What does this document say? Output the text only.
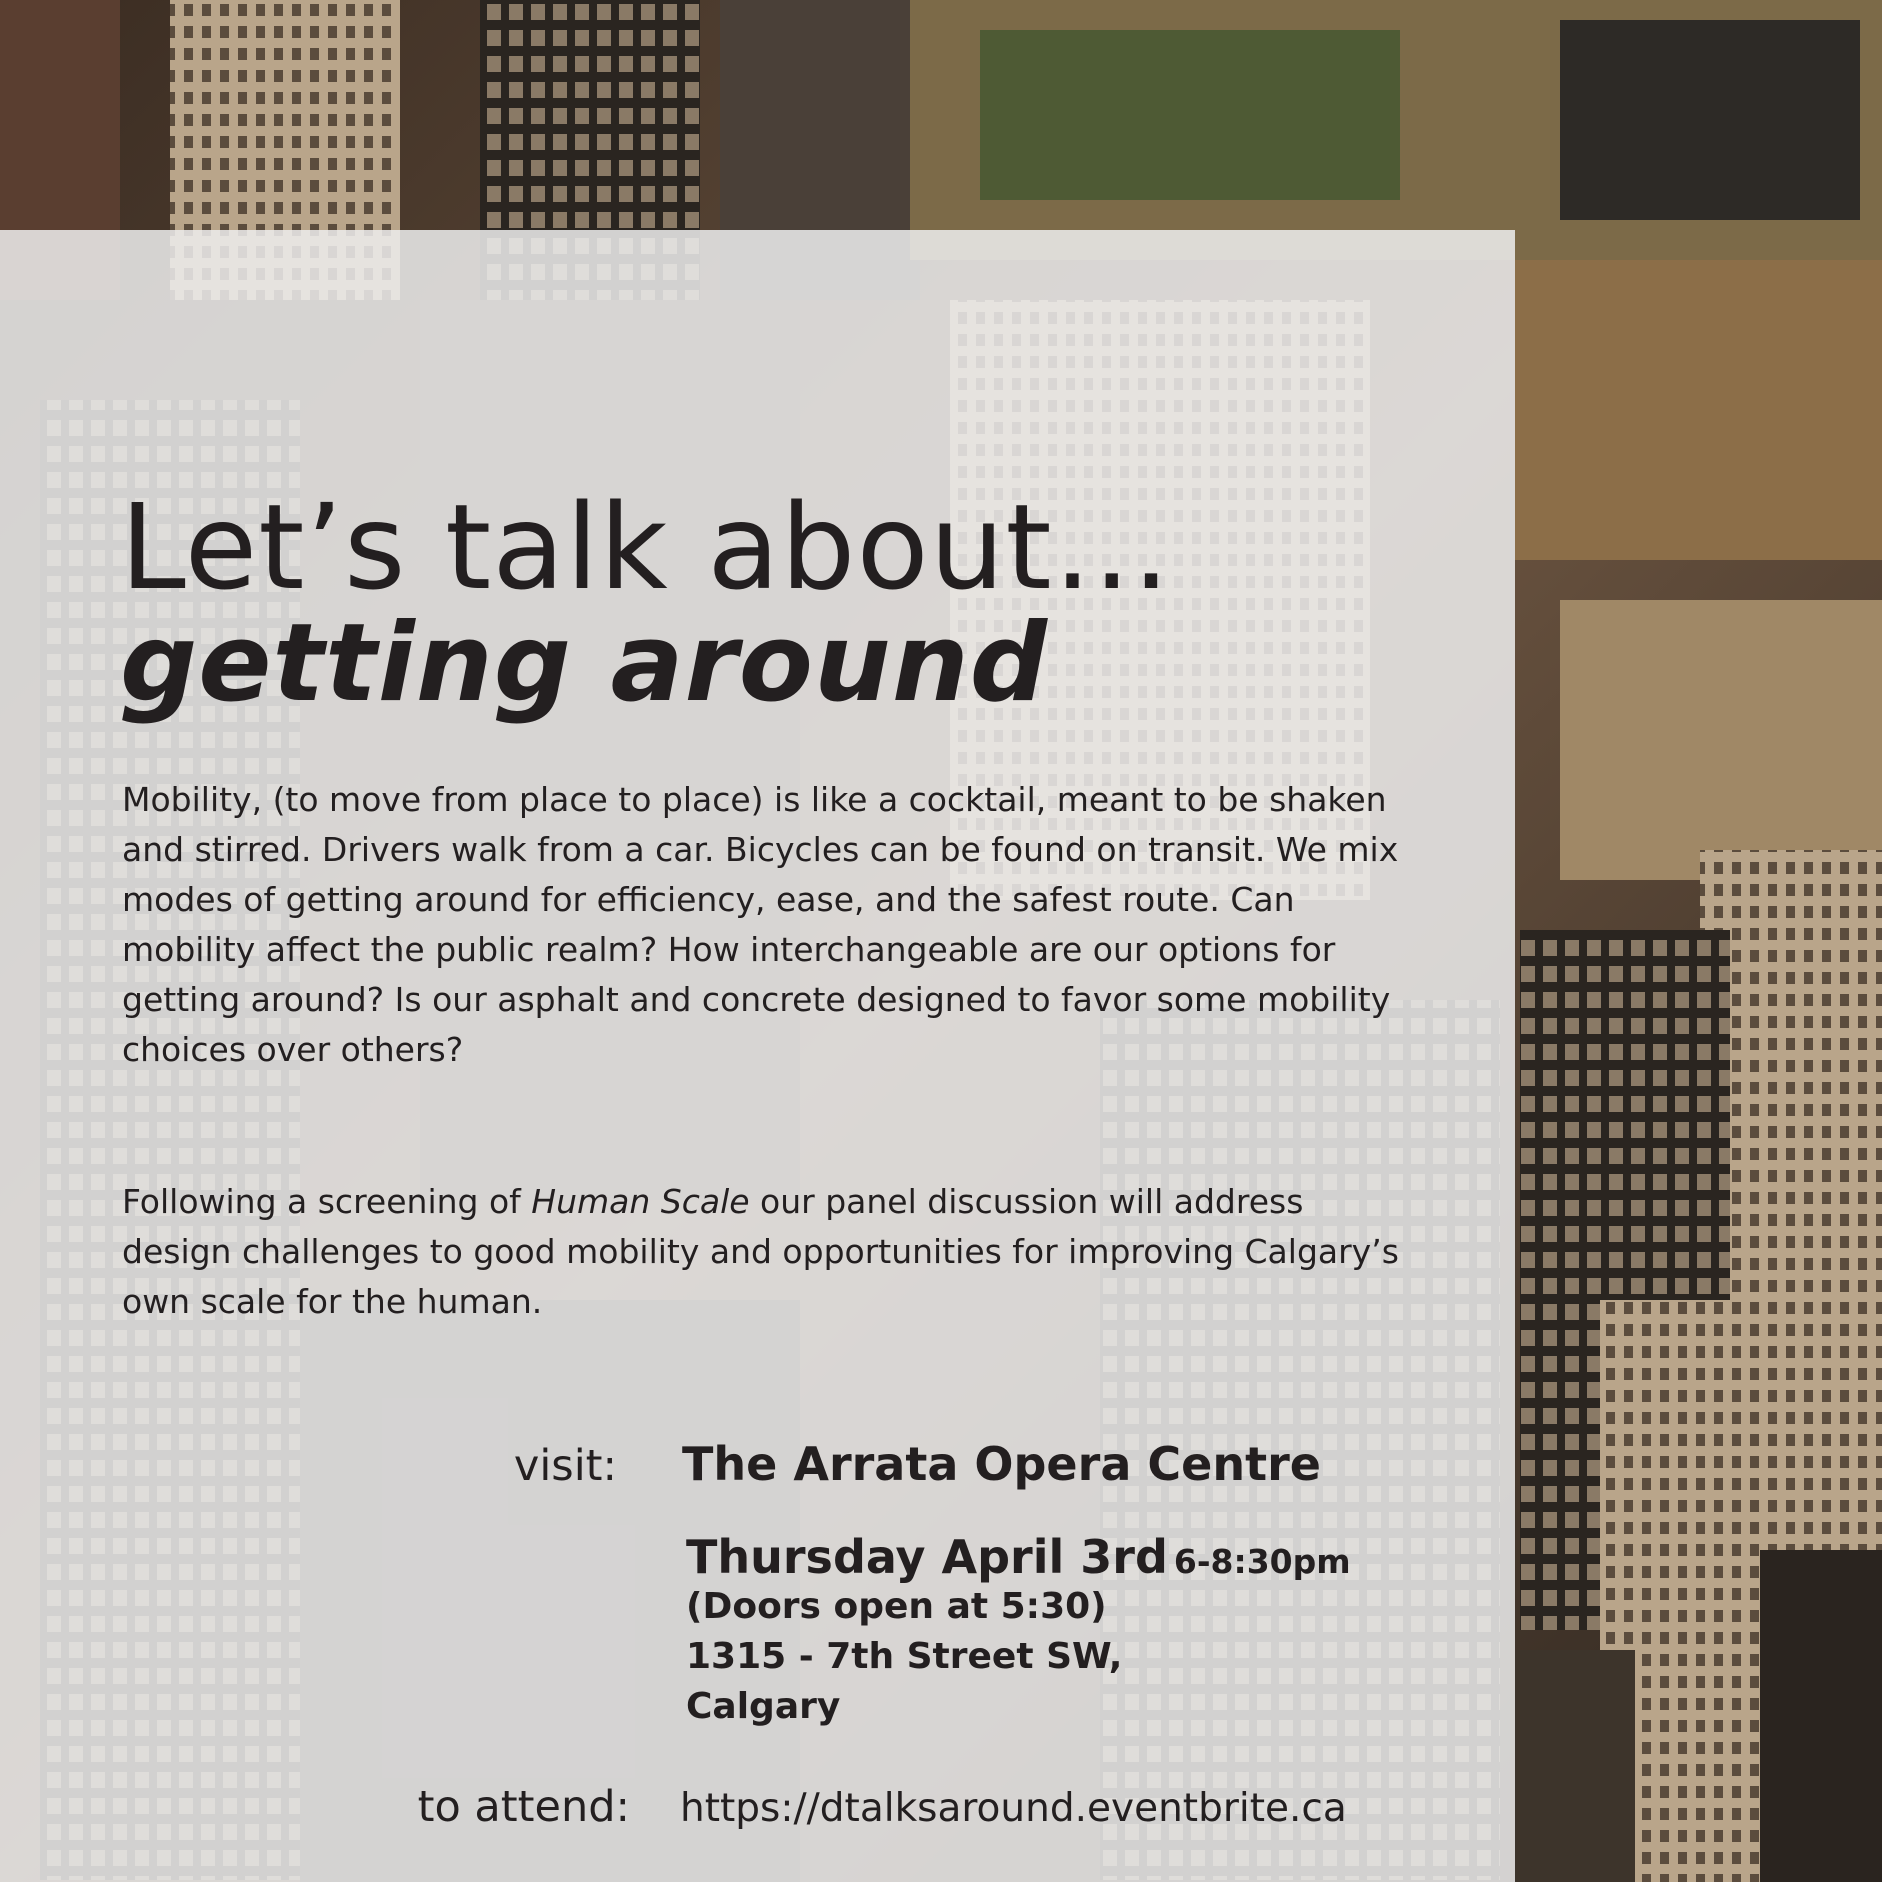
Let’s talk about…
getting around

Mobility, (to move from place to place) is like a cocktail, meant to be shaken and stirred. Drivers walk from a car. Bicycles can be found on transit. We mix modes of getting around for efficiency, ease, and the safest route. Can mobility affect the public realm? How interchangeable are our options for getting around? Is our asphalt and concrete designed to favor some mobility choices over others?

Following a screening of Human Scale our panel discussion will address design challenges to good mobility and opportunities for improving Calgary’s own scale for the human.

visit: The Arrata Opera Centre
Thursday April 3rd 6-8:30pm
(Doors open at 5:30)
1315 - 7th Street SW,
Calgary
to attend: https://dtalksaround.eventbrite.ca
